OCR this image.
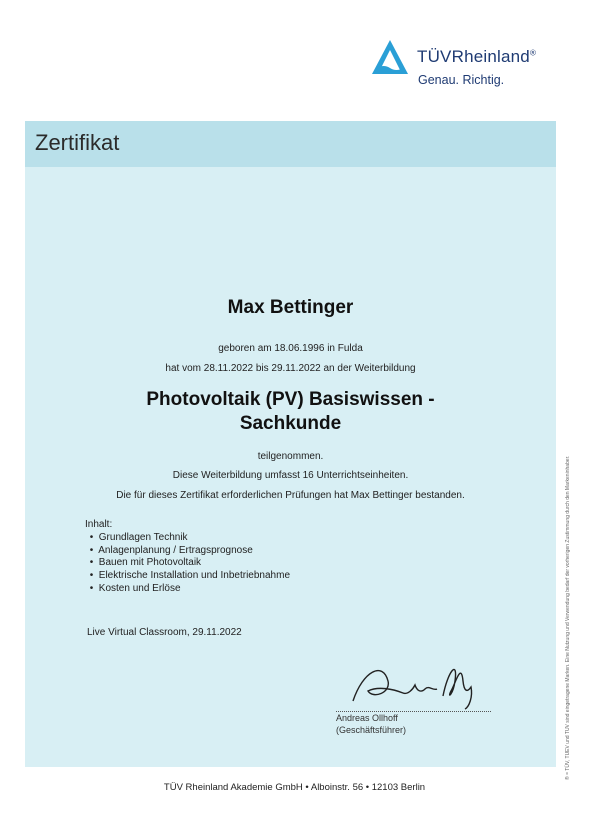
TÜVRheinland®
Genau. Richtig.
Zertifikat
Max Bettinger
geboren am 18.06.1996 in Fulda
hat vom 28.11.2022 bis 29.11.2022 an der Weiterbildung
Photovoltaik (PV) Basiswissen -
Sachkunde
teilgenommen.
Diese Weiterbildung umfasst 16 Unterrichtseinheiten.
Die für dieses Zertifikat erforderlichen Prüfungen hat Max Bettinger bestanden.
Inhalt:
• Grundlagen Technik
• Anlagenplanung / Ertragsprognose
• Bauen mit Photovoltaik
• Elektrische Installation und Inbetriebnahme
• Kosten und Erlöse
Live Virtual Classroom, 29.11.2022
Andreas Ollhoff
(Geschäftsführer)
TÜV Rheinland Akademie GmbH • Alboinstr. 56 • 12103 Berlin
® = TÜV, TUEV und TUV sind eingetragene Marken. Eine Nutzung und Verwendung bedarf der vorherigen Zustimmung durch den Markeninhaber.
